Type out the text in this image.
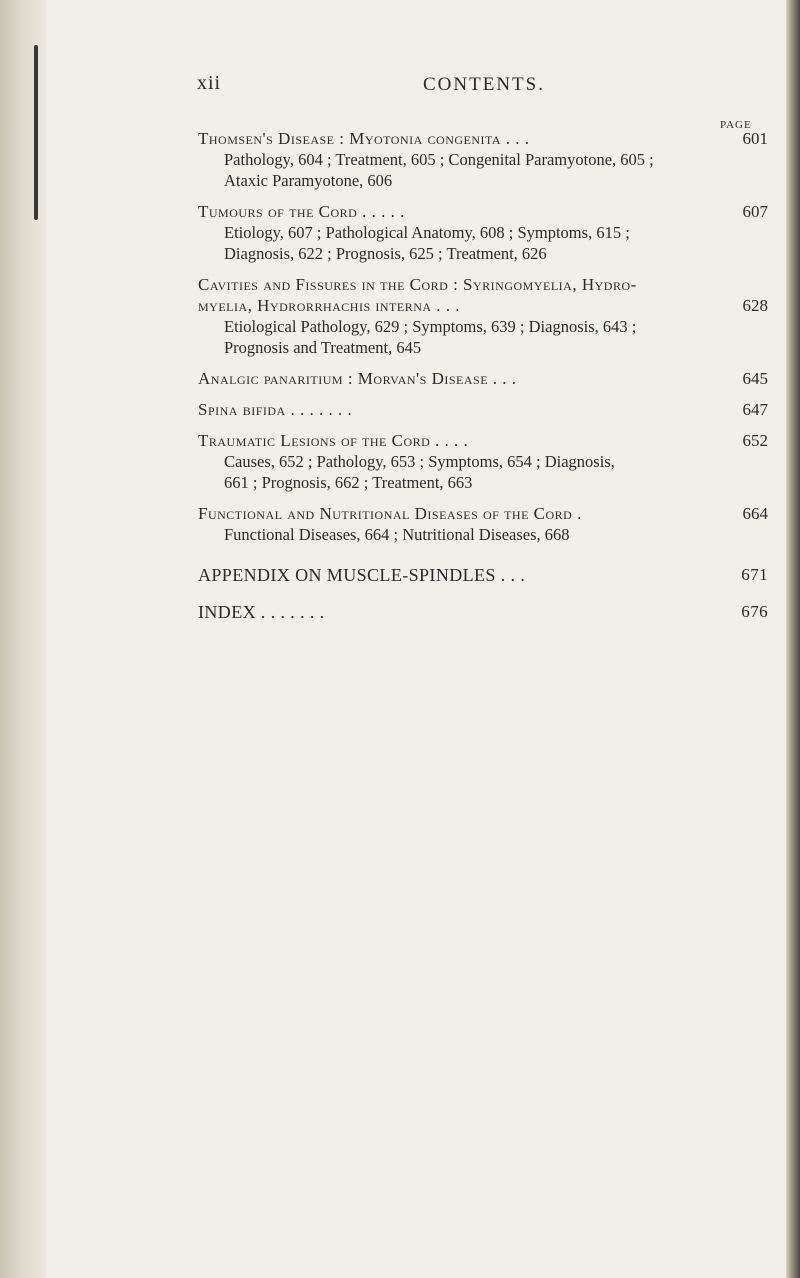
xii	CONTENTS.
PAGE
Thomsen's Disease : Myotonia congenita . . .	601
Pathology, 604 ; Treatment, 605 ; Congenital Paramyotone, 605 ;
Ataxic Paramyotone, 606
Tumours of the Cord . . . . .	607
Etiology, 607 ; Pathological Anatomy, 608 ; Symptoms, 615 ;
Diagnosis, 622 ; Prognosis, 625 ; Treatment, 626
Cavities and Fissures in the Cord : Syringomyelia, Hydro-
myelia, Hydrorrhachis interna . . .	628
Etiological Pathology, 629 ; Symptoms, 639 ; Diagnosis, 643 ;
Prognosis and Treatment, 645
Analgic panaritium : Morvan's Disease . . .	645
Spina bifida . . . . . . .	647
Traumatic Lesions of the Cord . . . .	652
Causes, 652 ; Pathology, 653 ; Symptoms, 654 ; Diagnosis,
661 ; Prognosis, 662 ; Treatment, 663
Functional and Nutritional Diseases of the Cord .	664
Functional Diseases, 664 ; Nutritional Diseases, 668
APPENDIX ON MUSCLE-SPINDLES . . .	671
INDEX . . . . . . .	676
